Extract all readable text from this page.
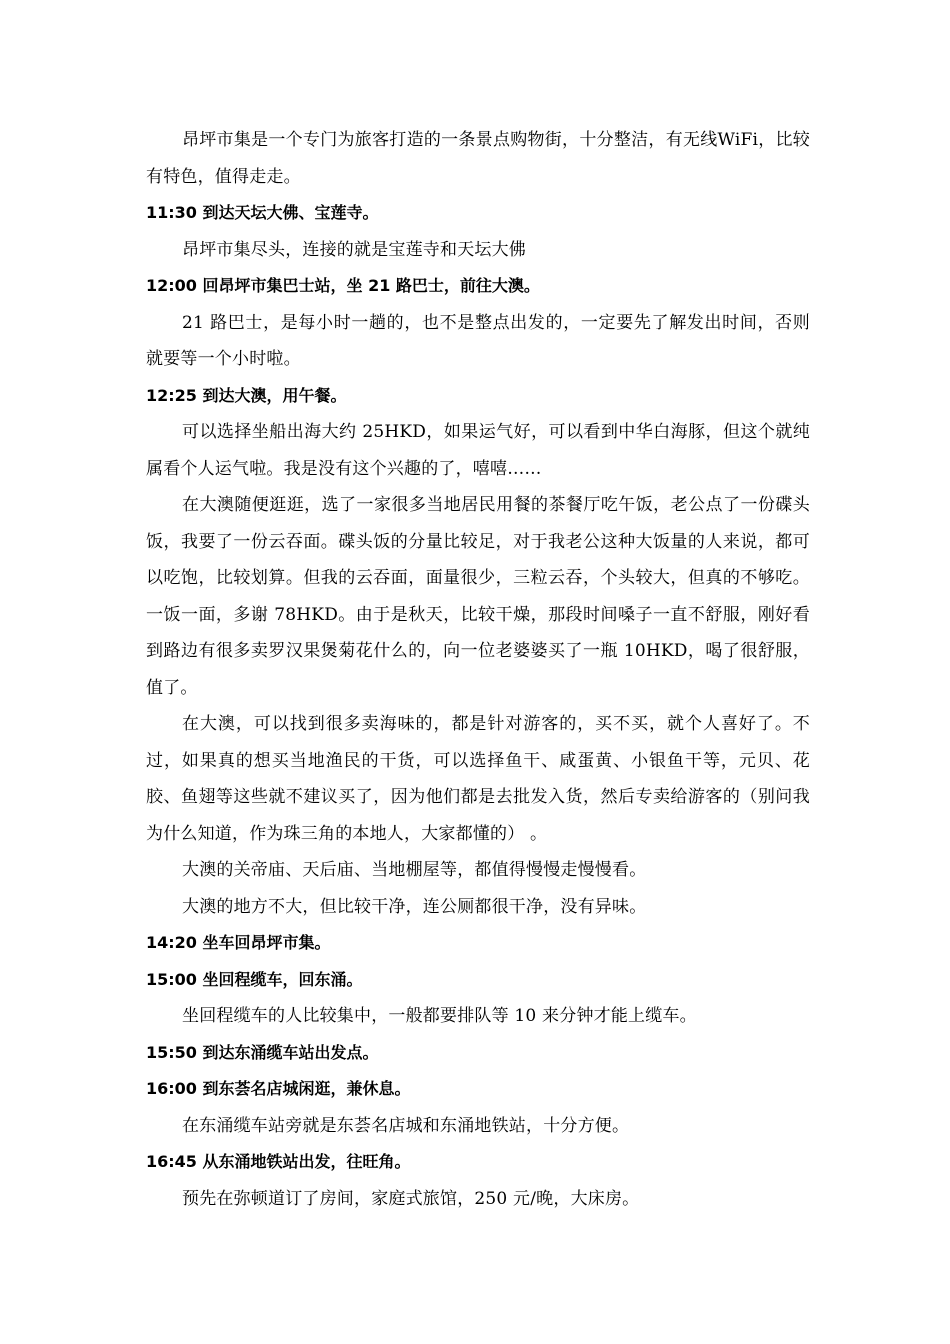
昂坪市集是一个专门为旅客打造的一条景点购物街，十分整洁，有无线WiFi，比较有特色，值得走走。

11:30 到达天坛大佛、宝莲寺。

昂坪市集尽头，连接的就是宝莲寺和天坛大佛

12:00 回昂坪市集巴士站，坐 21 路巴士，前往大澳。

21 路巴士，是每小时一趟的，也不是整点出发的，一定要先了解发出时间，否则就要等一个小时啦。

12:25 到达大澳，用午餐。

可以选择坐船出海大约 25HKD，如果运气好，可以看到中华白海豚，但这个就纯属看个人运气啦。我是没有这个兴趣的了，嘻嘻……

在大澳随便逛逛，选了一家很多当地居民用餐的茶餐厅吃午饭，老公点了一份碟头饭，我要了一份云吞面。碟头饭的分量比较足，对于我老公这种大饭量的人来说，都可以吃饱，比较划算。但我的云吞面，面量很少，三粒云吞，个头较大，但真的不够吃。一饭一面，多谢 78HKD。由于是秋天，比较干燥，那段时间嗓子一直不舒服，刚好看到路边有很多卖罗汉果煲菊花什么的，向一位老婆婆买了一瓶 10HKD，喝了很舒服，值了。

在大澳，可以找到很多卖海味的，都是针对游客的，买不买，就个人喜好了。不过，如果真的想买当地渔民的干货，可以选择鱼干、咸蛋黄、小银鱼干等，元贝、花胶、鱼翅等这些就不建议买了，因为他们都是去批发入货，然后专卖给游客的（别问我为什么知道，作为珠三角的本地人，大家都懂的） 。

大澳的关帝庙、天后庙、当地棚屋等，都值得慢慢走慢慢看。

大澳的地方不大，但比较干净，连公厕都很干净，没有异味。

14:20 坐车回昂坪市集。

15:00 坐回程缆车，回东涌。

坐回程缆车的人比较集中，一般都要排队等 10 来分钟才能上缆车。

15:50 到达东涌缆车站出发点。

16:00 到东荟名店城闲逛，兼休息。

在东涌缆车站旁就是东荟名店城和东涌地铁站，十分方便。

16:45 从东涌地铁站出发，往旺角。

预先在弥顿道订了房间，家庭式旅馆，250 元/晚，大床房。
